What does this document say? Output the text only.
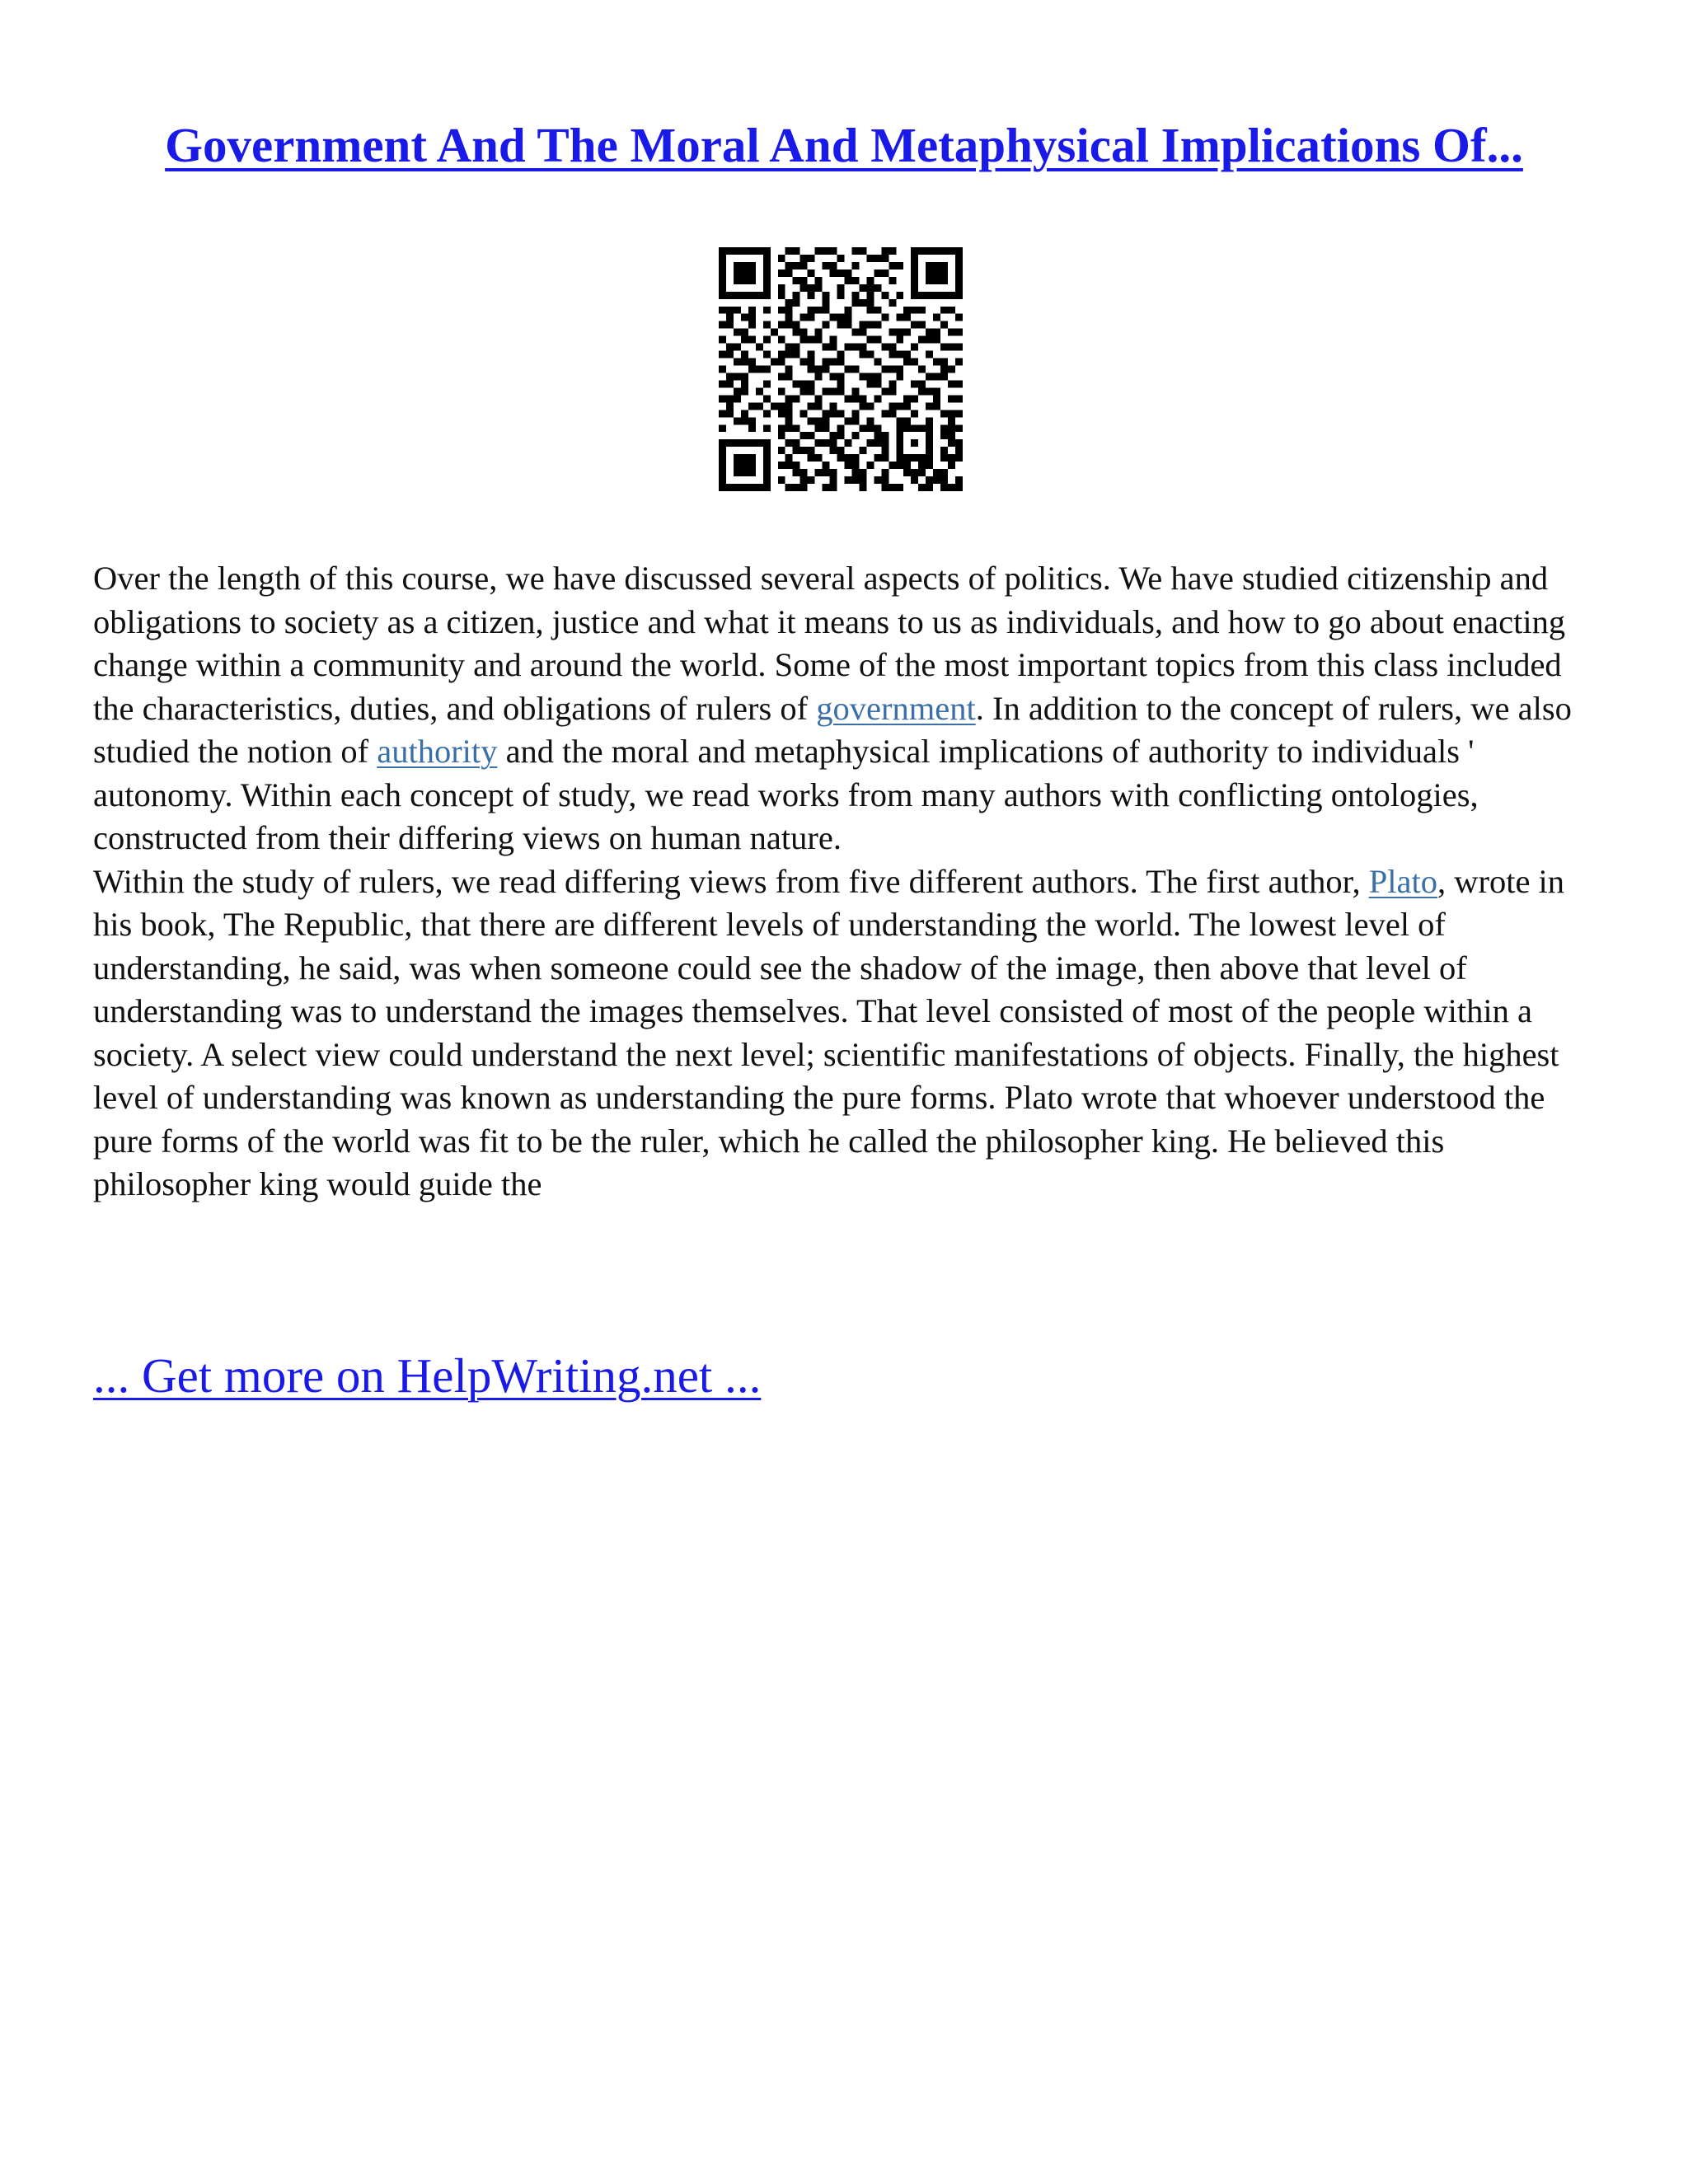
Government And The Moral And Metaphysical Implications Of...

Over the length of this course, we have discussed several aspects of politics. We have studied citizenship and obligations to society as a citizen, justice and what it means to us as individuals, and how to go about enacting change within a community and around the world. Some of the most important topics from this class included the characteristics, duties, and obligations of rulers of government. In addition to the concept of rulers, we also studied the notion of authority and the moral and metaphysical implications of authority to individuals ' autonomy. Within each concept of study, we read works from many authors with conflicting ontologies, constructed from their differing views on human nature.

Within the study of rulers, we read differing views from five different authors. The first author, Plato, wrote in his book, The Republic, that there are different levels of understanding the world. The lowest level of understanding, he said, was when someone could see the shadow of the image, then above that level of understanding was to understand the images themselves. That level consisted of most of the people within a society. A select view could understand the next level; scientific manifestations of objects. Finally, the highest level of understanding was known as understanding the pure forms. Plato wrote that whoever understood the pure forms of the world was fit to be the ruler, which he called the philosopher king. He believed this philosopher king would guide the

... Get more on HelpWriting.net ...
